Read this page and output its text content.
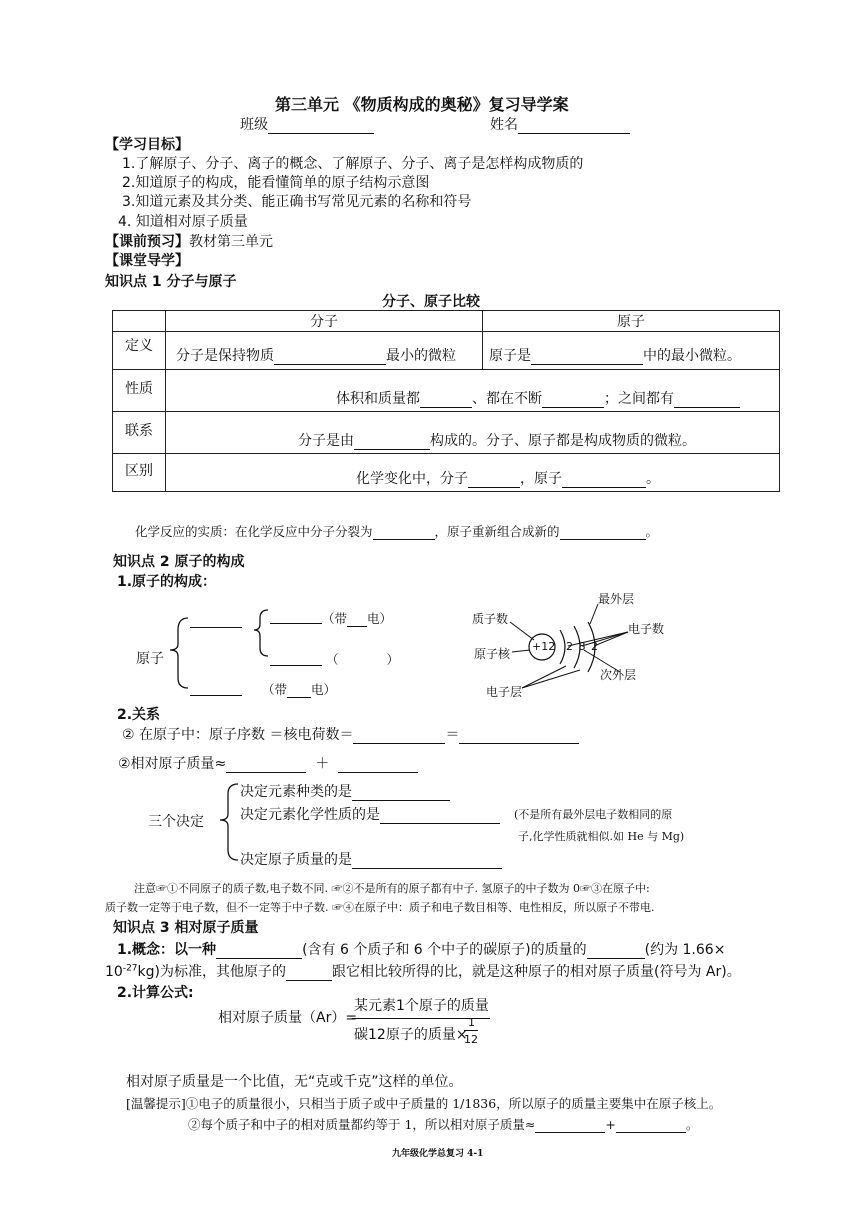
第三单元 《物质构成的奥秘》复习导学案
班级	姓名
【学习目标】
1.了解原子、分子、离子的概念、了解原子、分子、离子是怎样构成物质的
2.知道原子的构成，能看懂简单的原子结构示意图
3.知道元素及其分类、能正确书写常见元素的名称和符号
4. 知道相对原子质量
【课前预习】教材第三单元
【课堂导学】
知识点 1 分子与原子
分子、原子比较
	分子	原子
定义	分子是保持物质 最小的微粒	原子是 中的最小微粒。
性质	体积和质量都 、都在不断 ；之间都有	
联系	分子是由 构成的。分子、原子都是构成物质的微粒。	
区别	化学变化中，分子 ，原子 。	
化学反应的实质：在化学反应中分子分裂为	，原子重新组合成新的	。
知识点 2 原子的构成
1.原子的构成：
原子
（带 电）
（	）
（带 电）
+12 2 8 2
质子数
原子核
电子层
最外层
电子数
次外层
2.关系
② 在原子中：原子序数 ＝核电荷数＝	＝
②相对原子质量≈	＋
三个决定
决定元素种类的是
决定元素化学性质的是	(不是所有最外层电子数相同的原
子,化学性质就相似.如 He 与 Mg)
决定原子质量的是
注意☞①不同原子的质子数,电子数不同. ☞②不是所有的原子都有中子. 氢原子的中子数为 0☞③在原子中:
质子数一定等于电子数，但不一定等于中子数. ☞④在原子中：质子和电子数目相等、电性相反，所以原子不带电.
知识点 3 相对原子质量
1.概念：以一种	(含有 6 个质子和 6 个中子的碳原子)的质量的	(约为 1.66×
$10^{-27}kg$)为标准，其他原子的	跟它相比较所得的比，就是这种原子的相对原子质量(符号为 Ar)。
2.计算公式:
相对原子质量（Ar）=
某元素1个原子的质量
碳12原子的质量×
1
12
相对原子质量是一个比值，无“克或千克”这样的单位。
[温馨提示]①电子的质量很小，只相当于质子或中子质量的 1/1836，所以原子的质量主要集中在原子核上。
②每个质子和中子的相对质量都约等于 1，所以相对原子质量≈	+	。
九年级化学总复习 4-1
